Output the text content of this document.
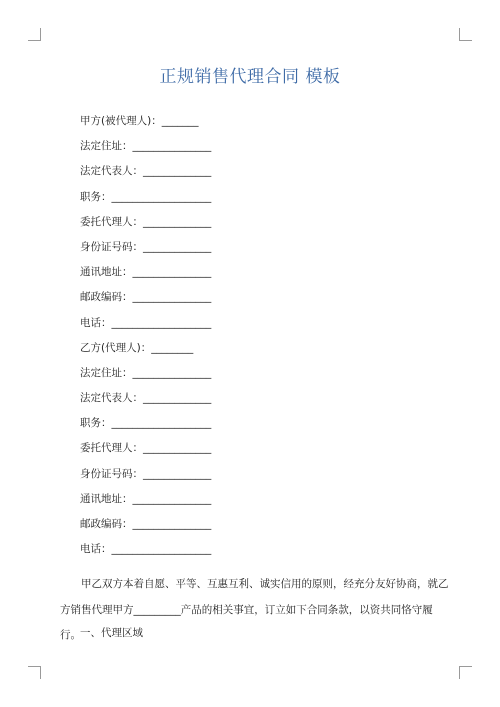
正规销售代理合同 模板
甲方(被代理人)：_______
法定住址：_______________
法定代表人：_____________
职务：___________________
委托代理人：_____________
身份证号码：_____________
通讯地址：_______________
邮政编码：_______________
电话：___________________
乙方(代理人)：________
法定住址：_______________
法定代表人：_____________
职务：___________________
委托代理人：_____________
身份证号码：_____________
通讯地址：_______________
邮政编码：_______________
电话：___________________

甲乙双方本着自愿、平等、互惠互利、诚实信用的原则，经充分友好协商，就乙

方销售代理甲方_________产品的相关事宜，订立如下合同条款，以资共同恪守履行。 一、代理区域
